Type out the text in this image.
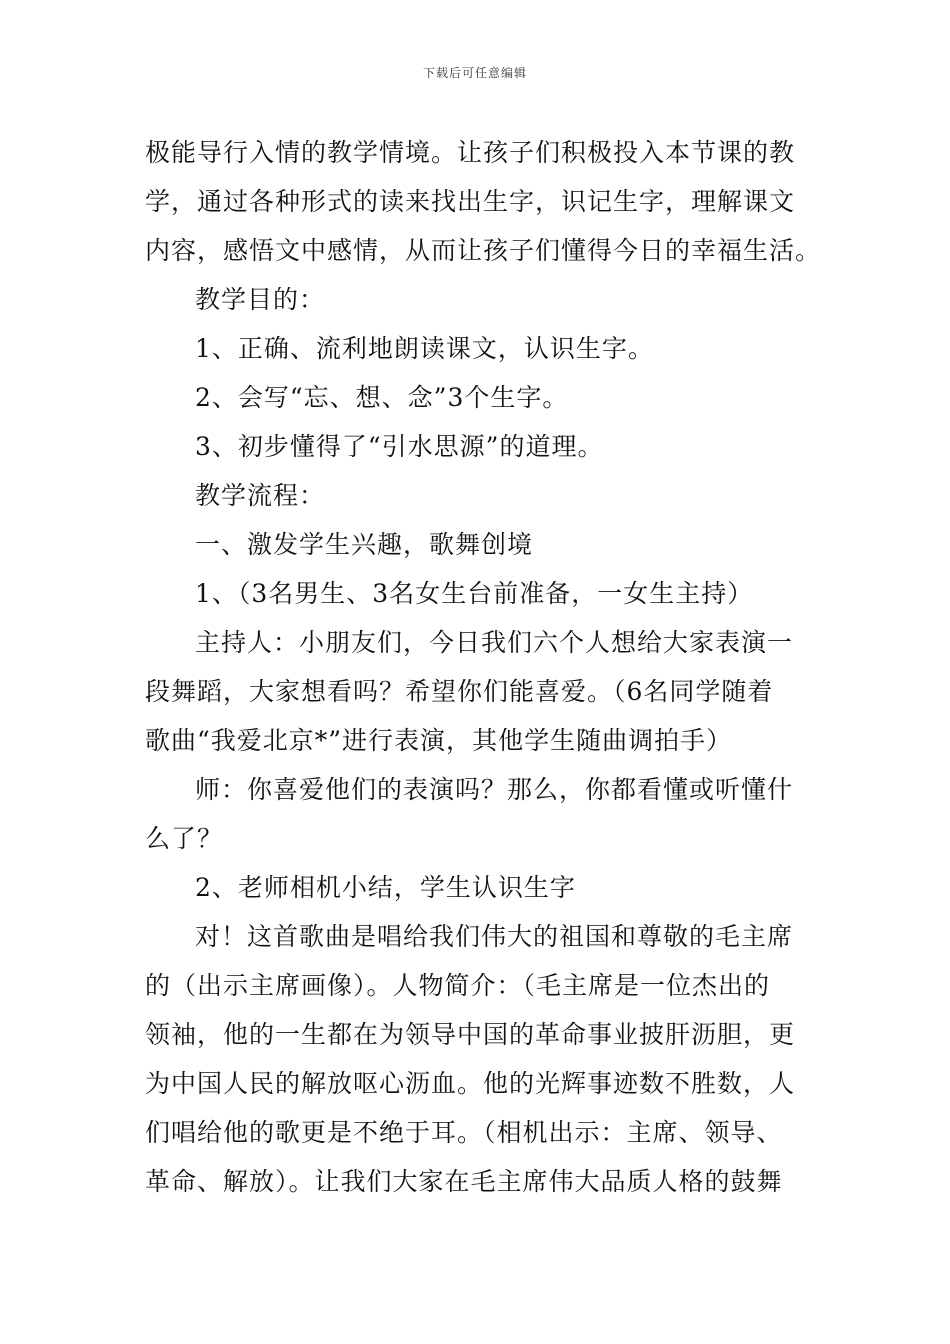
下载后可任意编辑

极能导行入情的教学情境。让孩子们积极投入本节课的教

学，通过各种形式的读来找出生字，识记生字，理解课文

内容，感悟文中感情，从而让孩子们懂得今日的幸福生活。

教学目的：

1、正确、流利地朗读课文，认识生字。

2、会写“忘、想、念”3个生字。

3、初步懂得了“引水思源”的道理。

教学流程：

一、激发学生兴趣，歌舞创境

1、（3名男生、3名女生台前准备，一女生主持）

主持人：小朋友们，今日我们六个人想给大家表演一

段舞蹈，大家想看吗？希望你们能喜爱。（6名同学随着

歌曲“我爱北京*”进行表演，其他学生随曲调拍手）

师：你喜爱他们的表演吗？那么，你都看懂或听懂什

么了？

2、老师相机小结，学生认识生字

对！这首歌曲是唱给我们伟大的祖国和尊敬的毛主席

的（出示主席画像）。人物简介：（毛主席是一位杰出的

领袖，他的一生都在为领导中国的革命事业披肝沥胆，更

为中国人民的解放呕心沥血。他的光辉事迹数不胜数，人

们唱给他的歌更是不绝于耳。（相机出示：主席、领导、

革命、解放）。让我们大家在毛主席伟大品质人格的鼓舞
